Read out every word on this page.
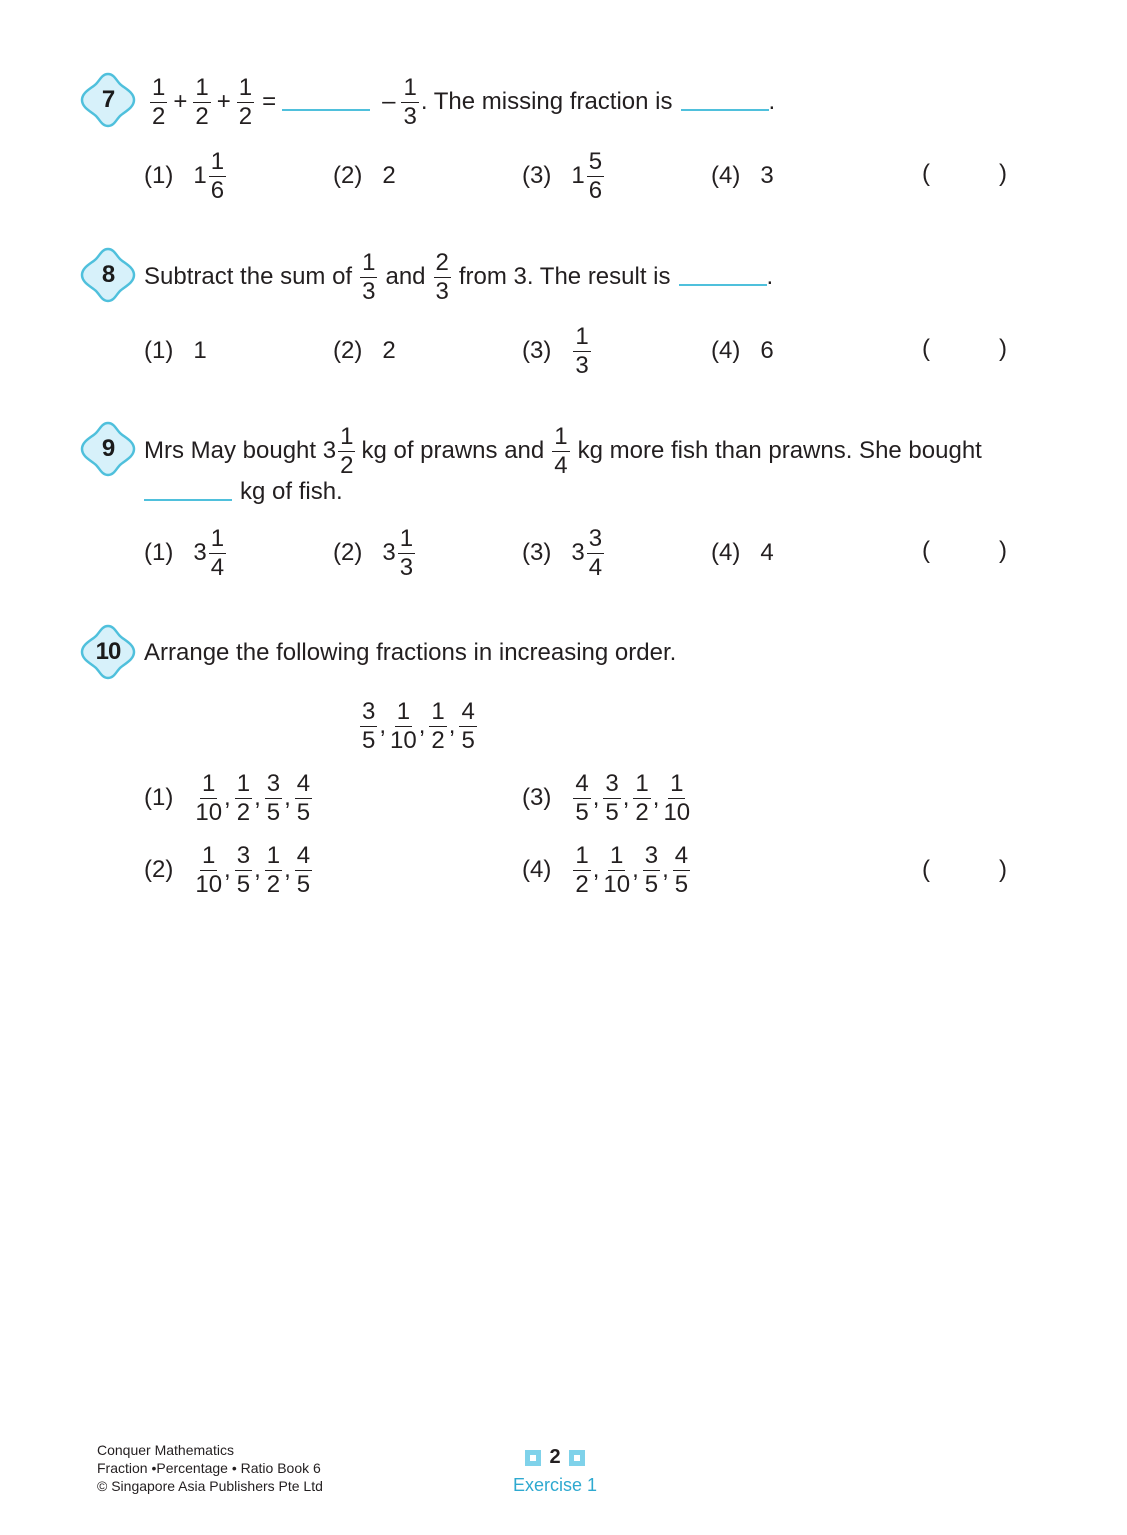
7	$\frac{1}{2} + \frac{1}{2} + \frac{1}{2}$ =	– $\frac{1}{3}$ . The missing fraction is	.
(1) $1 \frac{1}{6}$	(2) 2	(3) $1 \frac{5}{6}$	(4) 3	(	)
8	Subtract the sum of $\frac{1}{3}$ and $\frac{2}{3}$ from 3. The result is	.
(1) 1	(2) 2	$(3) \frac{1}{3}$	(4) 6	(	)
9	Mrs May bought $3 \frac{1}{2}$ kg of prawns and $\frac{1}{4}$ kg more fish than prawns. She bought
kg of fish.
(1) $3 \frac{1}{4}$	(2) $3 \frac{1}{3}$	(3) $3 \frac{3}{4}$	(4) 4	(	)
10 Arrange the following fractions in increasing order.
$\frac{3}{5}$ , $\frac{1}{10}$ , $\frac{1}{2}$ , $\frac{4}{5}$
$(1) \frac{1}{10}$ , $\frac{1}{2}$ , $\frac{3}{5}$ , $\frac{4}{5}$	$(3) \frac{4}{5}$ , $\frac{3}{5}$ , $\frac{1}{2}$ , $\frac{1}{10}$
$(2) \frac{1}{10}$ , $\frac{3}{5}$ , $\frac{1}{2}$ , $\frac{4}{5}$	$(4) \frac{1}{2}$ , $\frac{1}{10}$ , $\frac{3}{5}$ , $\frac{4}{5}$	(	)
Conquer Mathematics
Fraction •Percentage • Ratio Book 6
© Singapore Asia Publishers Pte Ltd
2
Exercise 1
